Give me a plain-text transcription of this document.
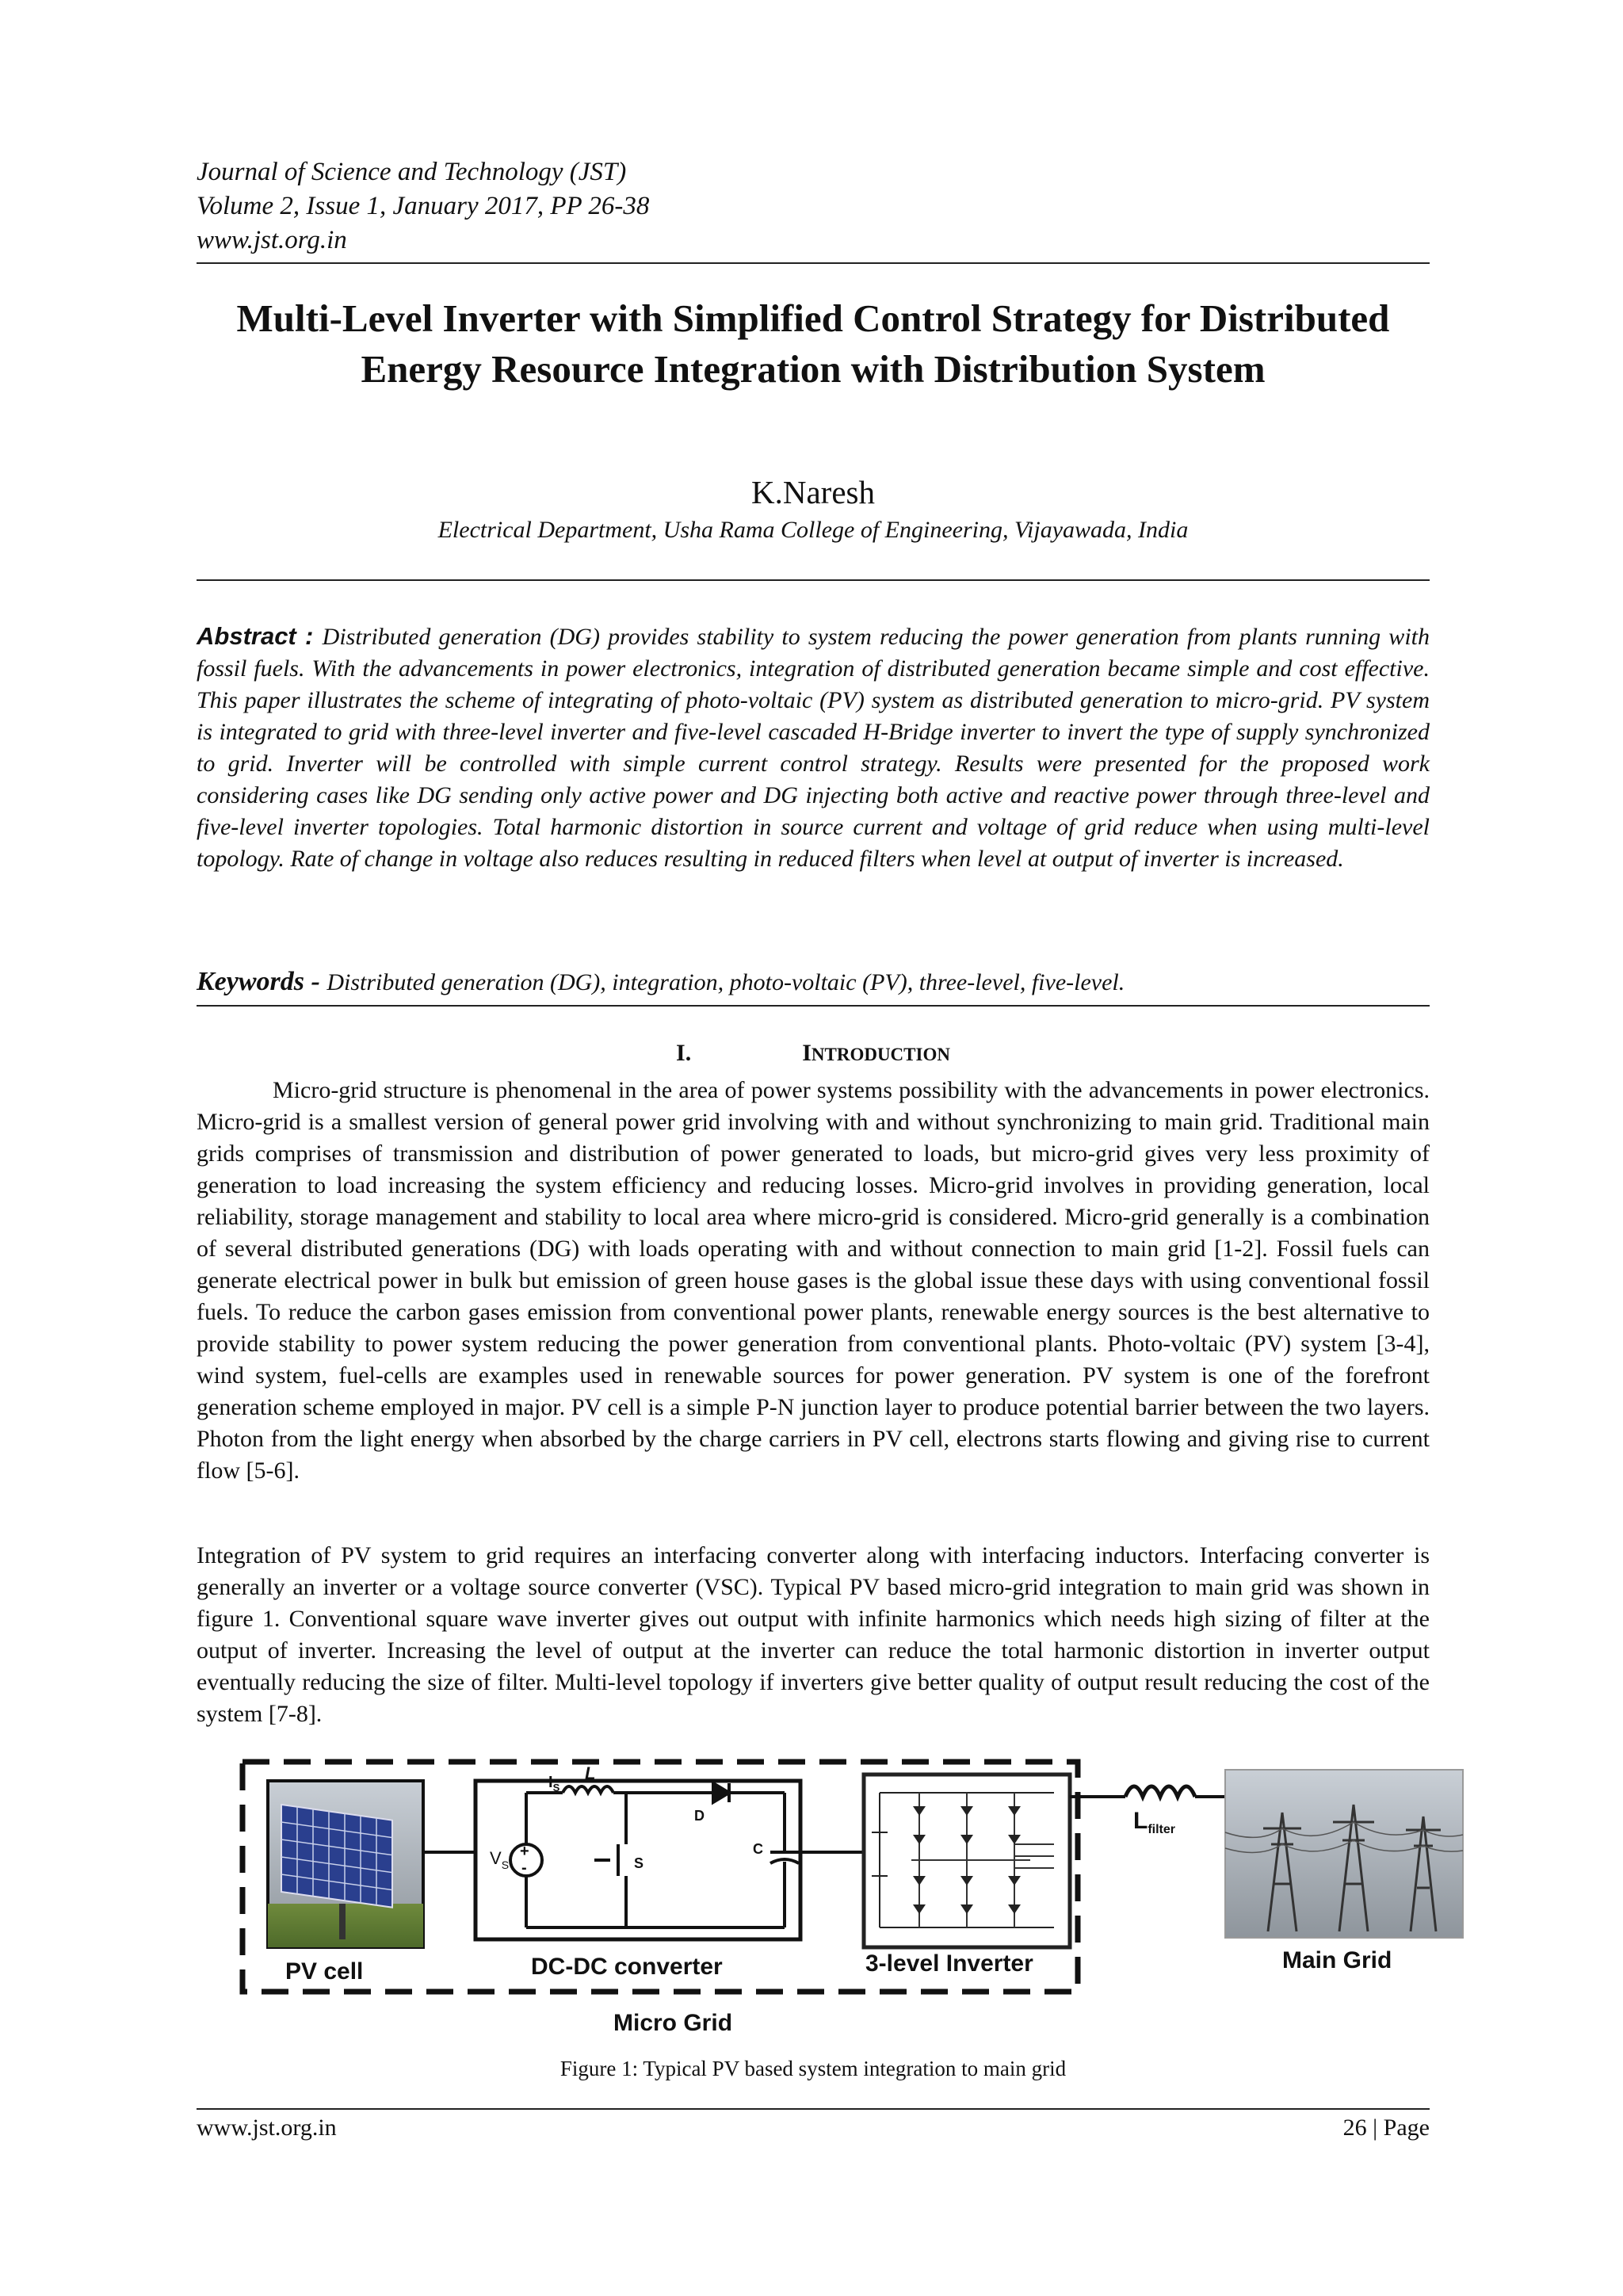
Journal of Science and Technology (JST)
Volume 2, Issue 1, January 2017, PP 26-38
www.jst.org.in
Multi-Level Inverter with Simplified Control Strategy for Distributed Energy Resource Integration with Distribution System
K.Naresh
Electrical Department, Usha Rama College of Engineering, Vijayawada, India
Abstract : Distributed generation (DG) provides stability to system reducing the power generation from plants running with fossil fuels. With the advancements in power electronics, integration of distributed generation became simple and cost effective. This paper illustrates the scheme of integrating of photo-voltaic (PV) system as distributed generation to micro-grid. PV system is integrated to grid with three-level inverter and five-level cascaded H-Bridge inverter to invert the type of supply synchronized to grid. Inverter will be controlled with simple current control strategy. Results were presented for the proposed work considering cases like DG sending only active power and DG injecting both active and reactive power through three-level and five-level inverter topologies. Total harmonic distortion in source current and voltage of grid reduce when using multi-level topology. Rate of change in voltage also reduces resulting in reduced filters when level at output of inverter is increased.
Keywords - Distributed generation (DG), integration, photo-voltaic (PV), three-level, five-level.
I.	INTRODUCTION
Micro-grid structure is phenomenal in the area of power systems possibility with the advancements in power electronics. Micro-grid is a smallest version of general power grid involving with and without synchronizing to main grid. Traditional main grids comprises of transmission and distribution of power generated to loads, but micro-grid gives very less proximity of generation to load increasing the system efficiency and reducing losses. Micro-grid involves in providing generation, local reliability, storage management and stability to local area where micro-grid is considered. Micro-grid generally is a combination of several distributed generations (DG) with loads operating with and without connection to main grid [1-2]. Fossil fuels can generate electrical power in bulk but emission of green house gases is the global issue these days with using conventional fossil fuels. To reduce the carbon gases emission from conventional power plants, renewable energy sources is the best alternative to provide stability to power system reducing the power generation from conventional plants. Photo-voltaic (PV) system [3-4], wind system, fuel-cells are examples used in renewable sources for power generation. PV system is one of the forefront generation scheme employed in major. PV cell is a simple P-N junction layer to produce potential barrier between the two layers. Photon from the light energy when absorbed by the charge carriers in PV cell, electrons starts flowing and giving rise to current flow [5-6].
Integration of PV system to grid requires an interfacing converter along with interfacing inductors. Interfacing converter is generally an inverter or a voltage source converter (VSC). Typical PV based micro-grid integration to main grid was shown in figure 1. Conventional square wave inverter gives out output with infinite harmonics which needs high sizing of filter at the output of inverter. Increasing the level of output at the inverter can reduce the total harmonic distortion in inverter output eventually reducing the size of filter. Multi-level topology if inverters give better quality of output result reducing the cost of the system [7-8].
+
-
$V_S$
$I_S$
L
S
D
C
$L_{filter}$
PV cell	DC-DC converter	3-level Inverter	Main Grid
Micro Grid
Figure 1: Typical PV based system integration to main grid
www.jst.org.in	26 | Page
